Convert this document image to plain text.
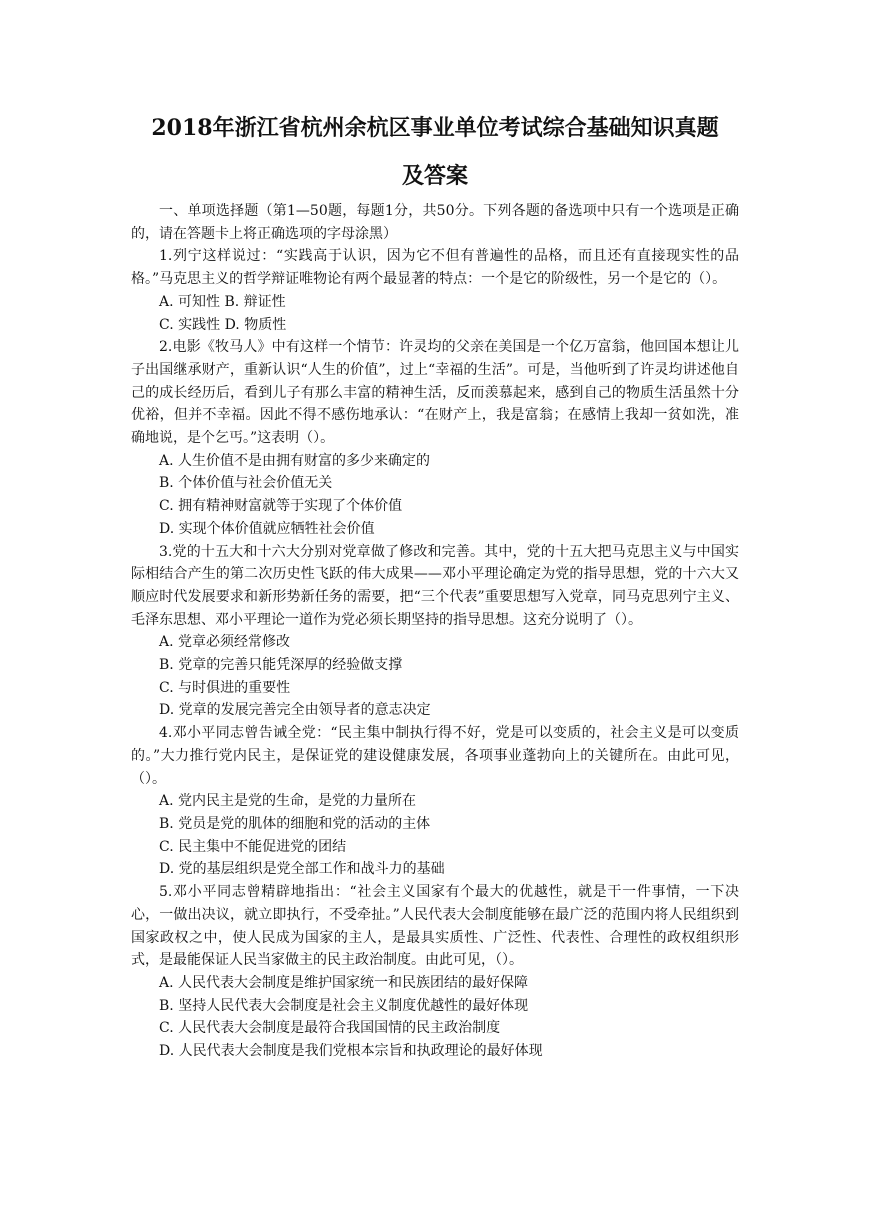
2018年浙江省杭州余杭区事业单位考试综合基础知识真题
及答案

一、单项选择题（第1—50题，每题1分，共50分。下列各题的备选项中只有一个选项是正确的，请在答题卡上将正确选项的字母涂黑）

1.列宁这样说过：“实践高于认识，因为它不但有普遍性的品格，而且还有直接现实性的品格。”马克思主义的哲学辩证唯物论有两个最显著的特点：一个是它的阶级性，另一个是它的（）。

A. 可知性 B. 辩证性

C. 实践性 D. 物质性

2.电影《牧马人》中有这样一个情节：许灵均的父亲在美国是一个亿万富翁，他回国本想让儿子出国继承财产，重新认识“人生的价值”，过上“幸福的生活”。可是，当他听到了许灵均讲述他自己的成长经历后，看到儿子有那么丰富的精神生活，反而羡慕起来，感到自己的物质生活虽然十分优裕，但并不幸福。因此不得不感伤地承认：“在财产上，我是富翁；在感情上我却一贫如洗，准确地说，是个乞丐。”这表明（）。

A. 人生价值不是由拥有财富的多少来确定的

B. 个体价值与社会价值无关

C. 拥有精神财富就等于实现了个体价值

D. 实现个体价值就应牺牲社会价值

3.党的十五大和十六大分别对党章做了修改和完善。其中，党的十五大把马克思主义与中国实际相结合产生的第二次历史性飞跃的伟大成果——邓小平理论确定为党的指导思想，党的十六大又顺应时代发展要求和新形势新任务的需要，把“三个代表”重要思想写入党章，同马克思列宁主义、毛泽东思想、邓小平理论一道作为党必须长期坚持的指导思想。这充分说明了（）。

A. 党章必须经常修改

B. 党章的完善只能凭深厚的经验做支撑

C. 与时俱进的重要性

D. 党章的发展完善完全由领导者的意志决定

4.邓小平同志曾告诫全党：“民主集中制执行得不好，党是可以变质的，社会主义是可以变质的。”大力推行党内民主，是保证党的建设健康发展，各项事业蓬勃向上的关键所在。由此可见，（）。

A. 党内民主是党的生命，是党的力量所在

B. 党员是党的肌体的细胞和党的活动的主体

C. 民主集中不能促进党的团结

D. 党的基层组织是党全部工作和战斗力的基础

5.邓小平同志曾精辟地指出：“社会主义国家有个最大的优越性，就是干一件事情，一下决心，一做出决议，就立即执行，不受牵扯。”人民代表大会制度能够在最广泛的范围内将人民组织到国家政权之中，使人民成为国家的主人，是最具实质性、广泛性、代表性、合理性的政权组织形式，是最能保证人民当家做主的民主政治制度。由此可见，（）。

A. 人民代表大会制度是维护国家统一和民族团结的最好保障

B. 坚持人民代表大会制度是社会主义制度优越性的最好体现

C. 人民代表大会制度是最符合我国国情的民主政治制度

D. 人民代表大会制度是我们党根本宗旨和执政理论的最好体现
